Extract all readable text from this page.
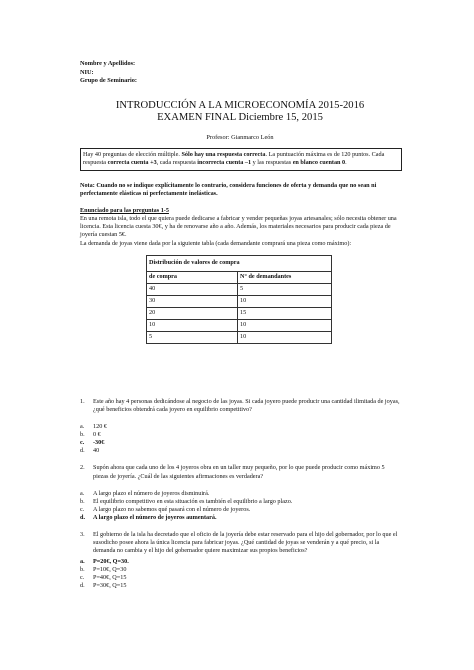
Nombre y Apellidos:
NIU:
Grupo de Seminario:
INTRODUCCIÓN A LA MICROECONOMÍA 2015-2016
EXAMEN FINAL Diciembre 15, 2015
Profesor: Gianmarco León

Hay 40 preguntas de elección múltiple. Sólo hay una respuesta correcta. La puntuación máxima es de 120 puntos. Cada respuesta correcta cuenta +3, cada respuesta incorrecta cuenta –1 y las respuestas en blanco cuentan 0.

Nota: Cuando no se indique explícitamente lo contrario, considera funciones de oferta y demanda que no sean ni perfectamente elásticas ni perfectamente inelásticas.

Enunciado para las preguntas 1-5

En una remota isla, todo el que quiera puede dedicarse a fabricar y vender pequeñas joyas artesanales; sólo necesita obtener una licencia. Esta licencia cuesta 30€, y ha de renovarse año a año. Además, los materiales necesarios para producir cada pieza de joyería cuestan 5€.

La demanda de joyas viene dada por la siguiente tabla (cada demandante comprará una pieza como máximo):

Distribución de valores de compra	
de compra	N° de demandantes
40	5
30	10
20	15
10	10
5	10
1. Este año hay 4 personas dedicándose al negocio de las joyas. Si cada joyero puede producir una cantidad ilimitada de joyas, ¿qué beneficios obtendrá cada joyero en equilibrio competitivo?
a. 120 €
b. 0 €
c. -30€
d. 40
2. Supón ahora que cada uno de los 4 joyeros obra en un taller muy pequeño, por lo que puede producir como máximo 5 piezas de joyería. ¿Cuál de las siguientes afirmaciones es verdadera?
a. A largo plazo el número de joyeros disminuirá.
b. El equilibrio competitivo en esta situación es también el equilibrio a largo plazo.
c. A largo plazo no sabemos qué pasará con el número de joyeros.
d. A largo plazo el número de joyeros aumentará.
3. El gobierno de la isla ha decretado que el oficio de la joyería debe estar reservado para el hijo del gobernador, por lo que el susodicho posee ahora la única licencia para fabricar joyas. ¿Qué cantidad de joyas se venderán y a qué precio, si la demanda no cambia y el hijo del gobernador quiere maximizar sus propios beneficios?
a. P=20€, Q=30.
b. P=10€, Q=30
c. P=40€, Q=15
d. P=30€, Q=15
